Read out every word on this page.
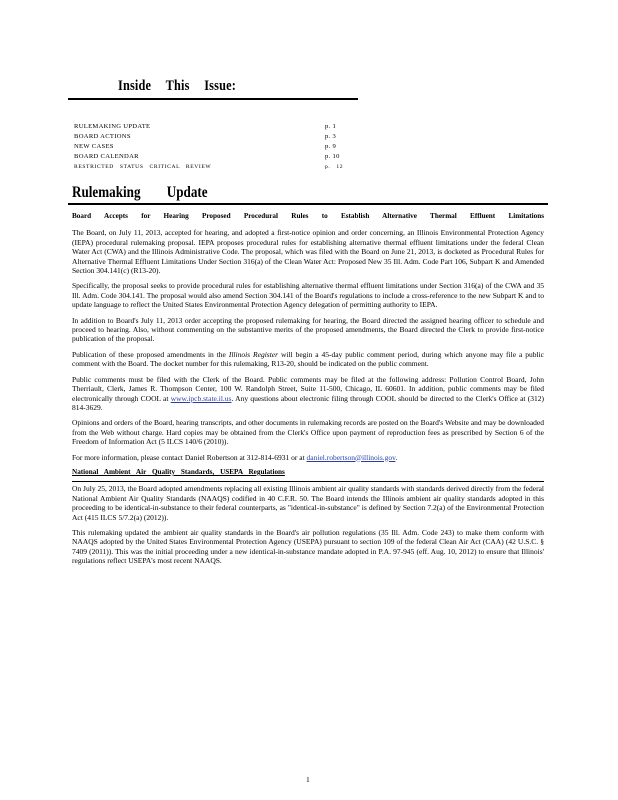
Inside This Issue:
RULEMAKING UPDATE	p. 1
BOARD ACTIONS	p. 3
NEW CASES	p. 9
BOARD CALENDAR	p. 10
RESTRICTED STATUS CRITICAL REVIEW	p. 12
Rulemaking Update
Board Accepts for Hearing Proposed Procedural Rules to Establish Alternative Thermal Effluent Limitations

The Board, on July 11, 2013, accepted for hearing, and adopted a first-notice opinion and order concerning, an Illinois Environmental Protection Agency (IEPA) procedural rulemaking proposal. IEPA proposes procedural rules for establishing alternative thermal effluent limitations under the federal Clean Water Act (CWA) and the Illinois Administrative Code. The proposal, which was filed with the Board on June 21, 2013, is docketed as Procedural Rules for Alternative Thermal Effluent Limitations Under Section 316(a) of the Clean Water Act: Proposed New 35 Ill. Adm. Code Part 106, Subpart K and Amended Section 304.141(c) (R13-20).

Specifically, the proposal seeks to provide procedural rules for establishing alternative thermal effluent limitations under Section 316(a) of the CWA and 35 Ill. Adm. Code 304.141. The proposal would also amend Section 304.141 of the Board's regulations to include a cross-reference to the new Subpart K and to update language to reflect the United States Environmental Protection Agency delegation of permitting authority to IEPA.

In addition to Board's July 11, 2013 order accepting the proposed rulemaking for hearing, the Board directed the assigned hearing officer to schedule and proceed to hearing. Also, without commenting on the substantive merits of the proposed amendments, the Board directed the Clerk to provide first-notice publication of the proposal.

Publication of these proposed amendments in the Illinois Register will begin a 45-day public comment period, during which anyone may file a public comment with the Board. The docket number for this rulemaking, R13-20, should be indicated on the public comment.

Public comments must be filed with the Clerk of the Board. Public comments may be filed at the following address: Pollution Control Board, John Therriault, Clerk, James R. Thompson Center, 100 W. Randolph Street, Suite 11-500, Chicago, IL 60601. In addition, public comments may be filed electronically through COOL at www.ipcb.state.il.us. Any questions about electronic filing through COOL should be directed to the Clerk's Office at (312) 814-3629.

Opinions and orders of the Board, hearing transcripts, and other documents in rulemaking records are posted on the Board's Website and may be downloaded from the Web without charge. Hard copies may be obtained from the Clerk's Office upon payment of reproduction fees as prescribed by Section 6 of the Freedom of Information Act (5 ILCS 140/6 (2010)).

For more information, please contact Daniel Robertson at 312-814-6931 or at daniel.robertson@illinois.gov.

National Ambient Air Quality Standards, USEPA Regulations

On July 25, 2013, the Board adopted amendments replacing all existing Illinois ambient air quality standards with standards derived directly from the federal National Ambient Air Quality Standards (NAAQS) codified in 40 C.F.R. 50. The Board intends the Illinois ambient air quality standards adopted in this proceeding to be identical-in-substance to their federal counterparts, as "identical-in-substance" is defined by Section 7.2(a) of the Environmental Protection Act (415 ILCS 5/7.2(a) (2012)).

This rulemaking updated the ambient air quality standards in the Board's air pollution regulations (35 Ill. Adm. Code 243) to make them conform with NAAQS adopted by the United States Environmental Protection Agency (USEPA) pursuant to section 109 of the federal Clean Air Act (CAA) (42 U.S.C. § 7409 (2011)). This was the initial proceeding under a new identical-in-substance mandate adopted in P.A. 97-945 (eff. Aug. 10, 2012) to ensure that Illinois' regulations reflect USEPA's most recent NAAQS.

1
